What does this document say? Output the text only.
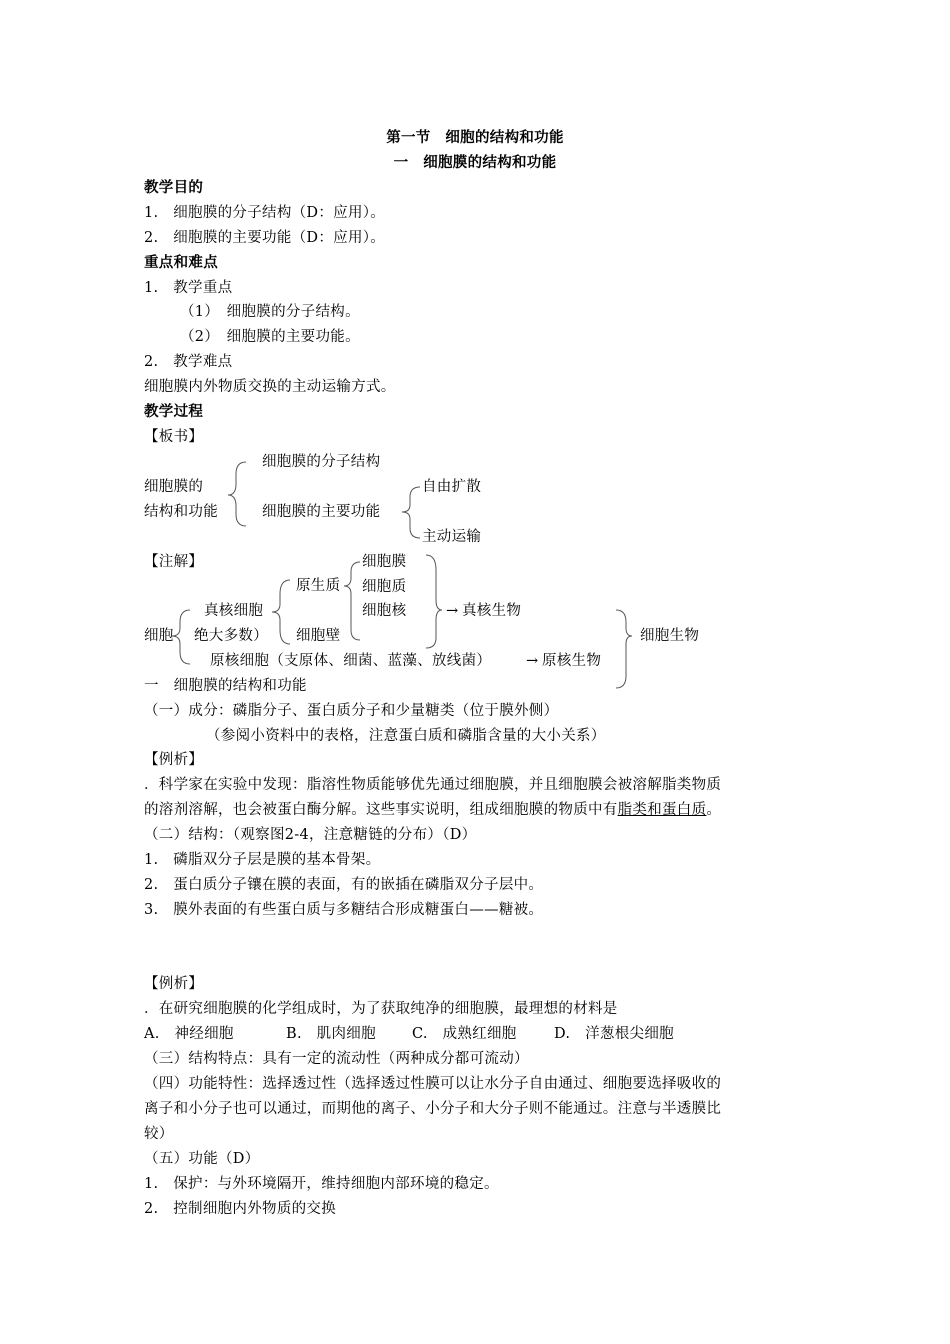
第一节　细胞的结构和功能
一　细胞膜的结构和功能
教学目的
1.　细胞膜的分子结构（D：应用）。
2.　细胞膜的主要功能（D：应用）。
重点和难点
1.　教学重点
（1）　细胞膜的分子结构。
（2）　细胞膜的主要功能。
2.　教学难点
细胞膜内外物质交换的主动运输方式。
教学过程
【板书】
细胞膜的分子结构
细胞膜的	自由扩散
结构和功能	细胞膜的主要功能
主动运输
【注解】	细胞膜
原生质 细胞质
真核细胞	细胞核	→ 真核生物
细胞 绝大多数） 细胞壁	细胞生物
原核细胞（支原体、细菌、蓝藻、放线菌） → 原核生物
一　细胞膜的结构和功能
（一）成分：磷脂分子、蛋白质分子和少量糖类（位于膜外侧）
（参阅小资料中的表格，注意蛋白质和磷脂含量的大小关系）
【例析】
．科学家在实验中发现：脂溶性物质能够优先通过细胞膜，并且细胞膜会被溶解脂类物质
的溶剂溶解，也会被蛋白酶分解。这些事实说明，组成细胞膜的物质中有脂类和蛋白质。
（二）结构：（观察图2-4，注意糖链的分布）（D）
1.　磷脂双分子层是膜的基本骨架。
2.　蛋白质分子镶在膜的表面，有的嵌插在磷脂双分子层中。
3.　膜外表面的有些蛋白质与多糖结合形成糖蛋白——糖被。
【例析】
．在研究细胞膜的化学组成时，为了获取纯净的细胞膜，最理想的材料是
A.　神经细胞	B.　肌肉细胞 C.　成熟红细胞	D.　洋葱根尖细胞
（三）结构特点：具有一定的流动性（两种成分都可流动）
（四）功能特性：选择透过性（选择透过性膜可以让水分子自由通过、细胞要选择吸收的
离子和小分子也可以通过，而期他的离子、小分子和大分子则不能通过。注意与半透膜比
较）
（五）功能（D）
1.　保护：与外环境隔开，维持细胞内部环境的稳定。
2.　控制细胞内外物质的交换
